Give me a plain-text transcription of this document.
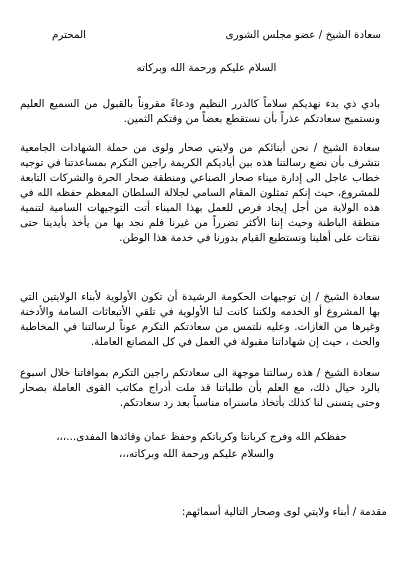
سعادة الشيخ / عضو مجلس الشورى
المحترم
السلام عليكم ورحمة الله وبركاته
بادي ذي بدء نهديكم سلاماً كالدرر النظيم ودعاءً مقروناً بالقبول من السميع العليم ونستميح سعادتكم عذراً بأن نستقطع بعضاً من وقتكم الثمين.
سعادة الشيخ / نحن أبنائكم من ولايتي صحار ولوى من حملة الشهادات الجامعية نتشرف بأن نضع رسالتنا هذه بين أياديكم الكريمة راجين التكرم بمساعدتنا في توجيه خطاب عاجل الى إدارة ميناء صحار الصناعي ومنطقة صحار الحرة والشركات التابعة للمشروع، حيث إنكم تمثلون المقام السامي لجلالة السلطان المعظم حفظه الله في هذه الولاية من أجل إيجاد فرص للعمل بهذا الميناء أتت التوجيهات السامية لتنمية منطقة الباطنة وحيث إننا الأكثر تضرراً من غيرنا فلم نجد بها من يأخذ بأيدينا حتى نقتات على أهلينا ونستطيع القيام بدورنا في خدمة هذا الوطن.
سعادة الشيخ / إن توجيهات الحكومة الرشيدة أن تكون الأولوية لأبناء الولايتين التي بها المشروع أو الخدمه ولكننا كانت لنا الأولوية في تلقي الأتبعاثات السامة والأدخنة وغيرها من الغازات. وعليه نلتمس من سعادتكم التكرم عوناً لرسالتنا في المخاطبة والحث ، حيث إن شهاداتنا مقبولة في العمل في كل المصانع العاملة.
سعادة الشيخ / هذه رسالتنا موجهة الى سعادتكم راجين التكرم بموافاتنا خلال اسبوع بالرد حيال ذلك، مع العلم بأن طلباتنا قد ملت أدراج مكاتب القوى العاملة بصحار وحتى يتسنى لنا كذلك بأتخاذ ماسنراه مناسباً بعد رد سعادتكم.
حفظكم الله وفرج كربانتا وكرباتكم وحفظ عمان وقائدها المفدى...،،،
والسلام عليكم ورحمة الله وبركاته،،،
مقدمة / أبناء ولايتي لوى وصحار التالية أسمائهم:
